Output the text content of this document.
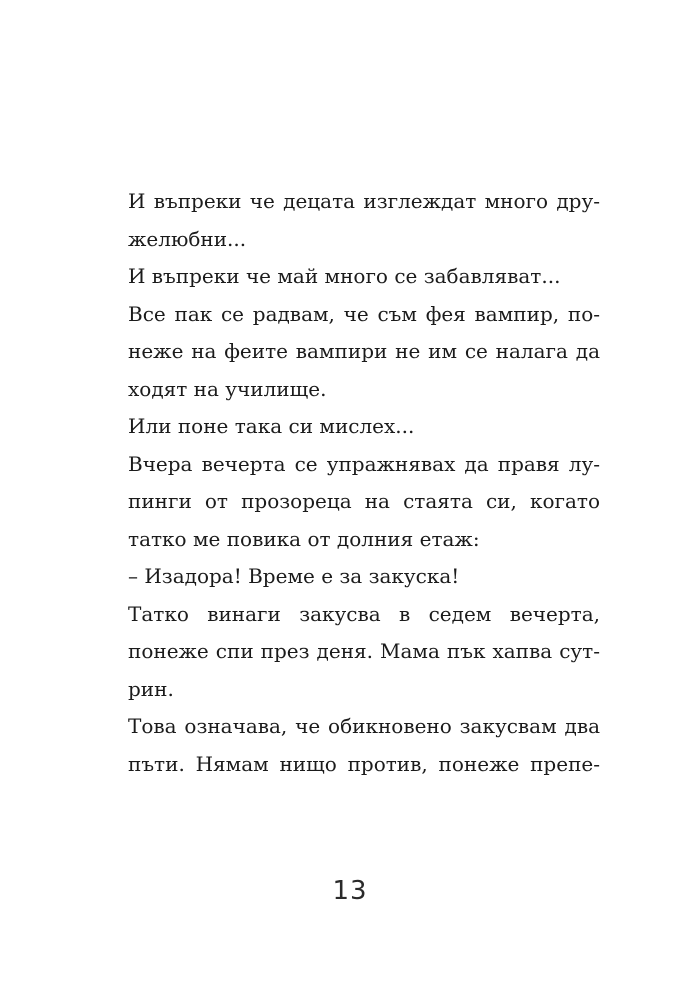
И въпреки че децата изглеждат много дру-
желюбни...
И въпреки че май много се забавляват...
Все пак се радвам, че съм фея вампир, по-
неже на феите вампири не им се налага да
ходят на училище.
Или поне така си мислех...
Вчера вечерта се упражнявах да правя лу-
пинги от прозореца на стаята си, когато
татко ме повика от долния етаж:
– Изадора! Време е за закуска!
Татко винаги закусва в седем вечерта,
понеже спи през деня. Мама пък хапва сут-
рин.
Това означава, че обикновено закусвам два
пъти. Нямам нищо против, понеже препе-
13
